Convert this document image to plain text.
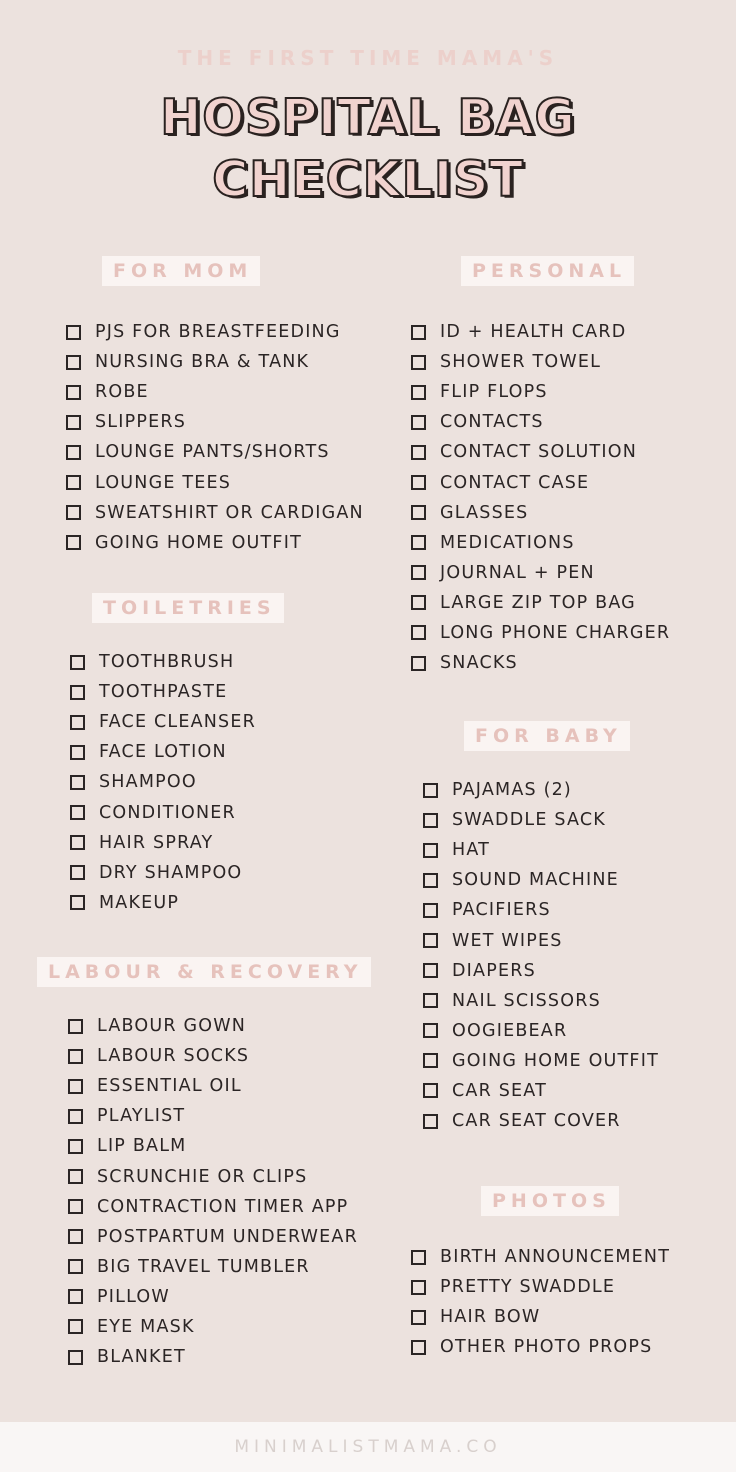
THE FIRST TIME MAMA'S
HOSPITAL BAG
CHECKLIST
FOR MOM
PJS FOR BREASTFEEDING
NURSING BRA & TANK
ROBE
SLIPPERS
LOUNGE PANTS/SHORTS
LOUNGE TEES
SWEATSHIRT OR CARDIGAN
GOING HOME OUTFIT
TOILETRIES
TOOTHBRUSH
TOOTHPASTE
FACE CLEANSER
FACE LOTION
SHAMPOO
CONDITIONER
HAIR SPRAY
DRY SHAMPOO
MAKEUP
LABOUR & RECOVERY
LABOUR GOWN
LABOUR SOCKS
ESSENTIAL OIL
PLAYLIST
LIP BALM
SCRUNCHIE OR CLIPS
CONTRACTION TIMER APP
POSTPARTUM UNDERWEAR
BIG TRAVEL TUMBLER
PILLOW
EYE MASK
BLANKET
PERSONAL
ID + HEALTH CARD
SHOWER TOWEL
FLIP FLOPS
CONTACTS
CONTACT SOLUTION
CONTACT CASE
GLASSES
MEDICATIONS
JOURNAL + PEN
LARGE ZIP TOP BAG
LONG PHONE CHARGER
SNACKS
FOR BABY
PAJAMAS (2)
SWADDLE SACK
HAT
SOUND MACHINE
PACIFIERS
WET WIPES
DIAPERS
NAIL SCISSORS
OOGIEBEAR
GOING HOME OUTFIT
CAR SEAT
CAR SEAT COVER
PHOTOS
BIRTH ANNOUNCEMENT
PRETTY SWADDLE
HAIR BOW
OTHER PHOTO PROPS
MINIMALISTMAMA.CO
